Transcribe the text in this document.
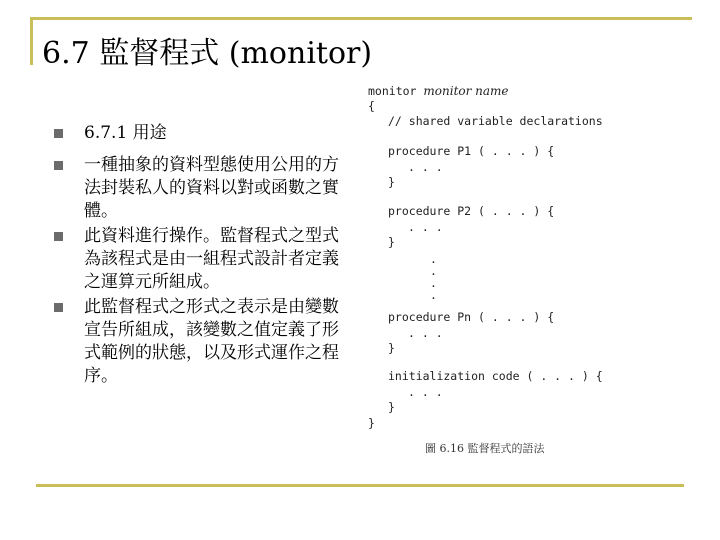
6.7 監督程式 (monitor)
6.7.1 用途
一種抽象的資料型態使用公用的方法封裝私人的資料以對或函數之實體。
此資料進行操作。監督程式之型式為該程式是由一組程式設計者定義之運算元所組成。
此監督程式之形式之表示是由變數宣告所組成，該變數之值定義了形式範例的狀態，以及形式運作之程序。
monitor monitor name
{
// shared variable declarations
procedure P1 ( . . . ) {
. . .
}
procedure P2 ( . . . ) {
. . .
}
.
.
.
.
procedure Pn ( . . . ) {
. . .
}
initialization code ( . . . ) {
. . .
}
}
圖 6.16 監督程式的語法
